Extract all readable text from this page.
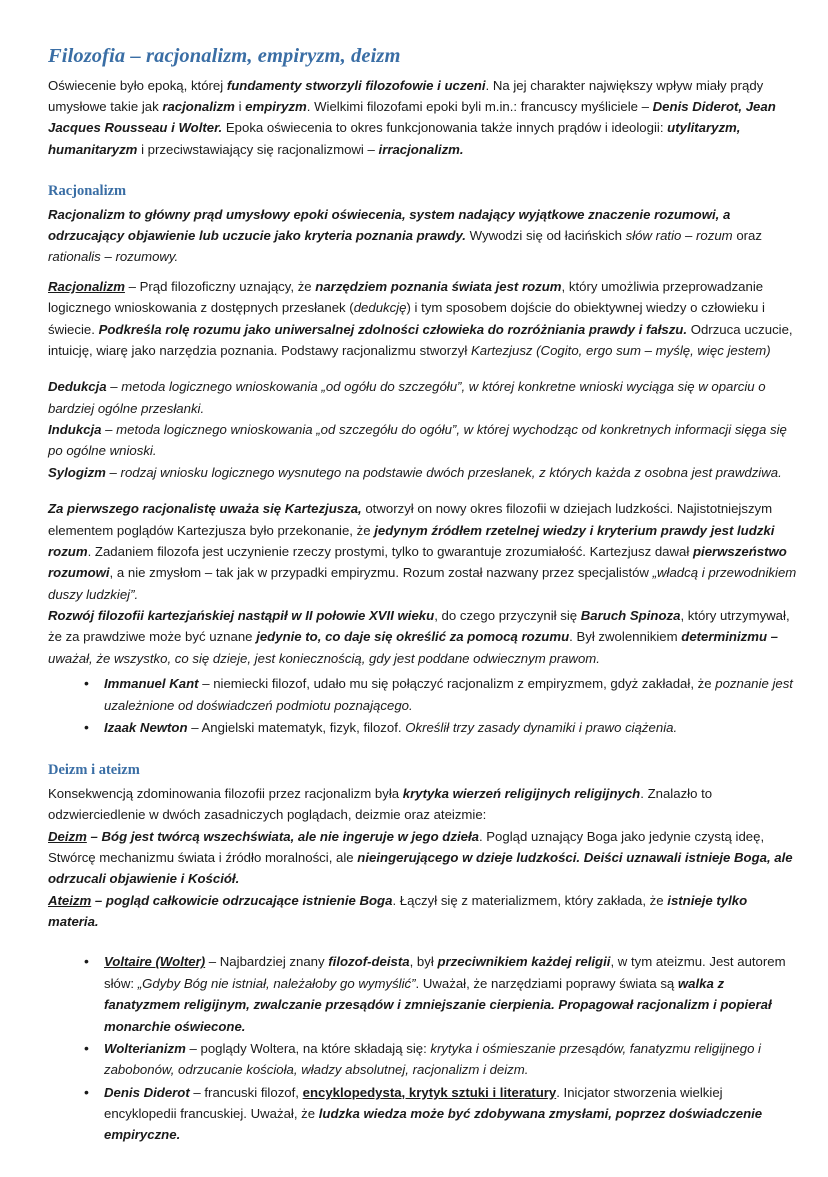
Filozofia – racjonalizm, empiryzm, deizm

Oświecenie było epoką, której fundamenty stworzyli filozofowie i uczeni. Na jej charakter największy wpływ miały prądy umysłowe takie jak racjonalizm i empiryzm. Wielkimi filozofami epoki byli m.in.: francuscy myśliciele – Denis Diderot, Jean Jacques Rousseau i Wolter. Epoka oświecenia to okres funkcjonowania także innych prądów i ideologii: utylitaryzm, humanitaryzm i przeciwstawiający się racjonalizmowi – irracjonalizm.

Racjonalizm

Racjonalizm to główny prąd umysłowy epoki oświecenia, system nadający wyjątkowe znaczenie rozumowi, a odrzucający objawienie lub uczucie jako kryteria poznania prawdy. Wywodzi się od łacińskich słów ratio – rozum oraz rationalis – rozumowy.

Racjonalizm – Prąd filozoficzny uznający, że narzędziem poznania świata jest rozum, który umożliwia przeprowadzanie logicznego wnioskowania z dostępnych przesłanek (dedukcję) i tym sposobem dojście do obiektywnej wiedzy o człowieku i świecie. Podkreśla rolę rozumu jako uniwersalnej zdolności człowieka do rozróżniania prawdy i fałszu. Odrzuca uczucie, intuicję, wiarę jako narzędzia poznania. Podstawy racjonalizmu stworzył Kartezjusz (Cogito, ergo sum – myślę, więc jestem)

Dedukcja – metoda logicznego wnioskowania „od ogółu do szczegółu”, w której konkretne wnioski wyciąga się w oparciu o bardziej ogólne przesłanki.

Indukcja – metoda logicznego wnioskowania „od szczegółu do ogółu”, w której wychodząc od konkretnych informacji sięga się po ogólne wnioski.

Sylogizm – rodzaj wniosku logicznego wysnutego na podstawie dwóch przesłanek, z których każda z osobna jest prawdziwa.

Za pierwszego racjonalistę uważa się Kartezjusza, otworzył on nowy okres filozofii w dziejach ludzkości. Najistotniejszym elementem poglądów Kartezjusza było przekonanie, że jedynym źródłem rzetelnej wiedzy i kryterium prawdy jest ludzki rozum. Zadaniem filozofa jest uczynienie rzeczy prostymi, tylko to gwarantuje zrozumiałość. Kartezjusz dawał pierwszeństwo rozumowi, a nie zmysłom – tak jak w przypadki empiryzmu. Rozum został nazwany przez specjalistów „władcą i przewodnikiem duszy ludzkiej”.

Rozwój filozofii kartezjańskiej nastąpił w II połowie XVII wieku, do czego przyczynił się Baruch Spinoza, który utrzymywał, że za prawdziwe może być uznane jedynie to, co daje się określić za pomocą rozumu. Był zwolennikiem determinizmu – uważał, że wszystko, co się dzieje, jest koniecznością, gdy jest poddane odwiecznym prawom.

• Immanuel Kant – niemiecki filozof, udało mu się połączyć racjonalizm z empiryzmem, gdyż zakładał, że poznanie jest uzależnione od doświadczeń podmiotu poznającego.
• Izaak Newton – Angielski matematyk, fizyk, filozof. Określił trzy zasady dynamiki i prawo ciążenia.
Deizm i ateizm

Konsekwencją zdominowania filozofii przez racjonalizm była krytyka wierzeń religijnych religijnych. Znalazło to odzwierciedlenie w dwóch zasadniczych poglądach, deizmie oraz ateizmie:

Deizm – Bóg jest twórcą wszechświata, ale nie ingeruje w jego dzieła. Pogląd uznający Boga jako jedynie czystą ideę, Stwórcę mechanizmu świata i źródło moralności, ale nieingerującego w dzieje ludzkości. Deiści uznawali istnieje Boga, ale odrzucali objawienie i Kościół.

Ateizm – pogląd całkowicie odrzucające istnienie Boga. Łączył się z materializmem, który zakłada, że istnieje tylko materia.

• Voltaire (Wolter) – Najbardziej znany filozof-deista, był przeciwnikiem każdej religii, w tym ateizmu. Jest autorem słów: „Gdyby Bóg nie istniał, należałoby go wymyślić”. Uważał, że narzędziami poprawy świata są walka z fanatyzmem religijnym, zwalczanie przesądów i zmniejszanie cierpienia. Propagował racjonalizm i popierał monarchie oświecone.
• Wolterianizm – poglądy Woltera, na które składają się: krytyka i ośmieszanie przesądów, fanatyzmu religijnego i zabobonów, odrzucanie kościoła, władzy absolutnej, racjonalizm i deizm.
• Denis Diderot – francuski filozof, encyklopedysta, krytyk sztuki i literatury. Inicjator stworzenia wielkiej encyklopedii francuskiej. Uważał, że ludzka wiedza może być zdobywana zmysłami, poprzez doświadczenie empiryczne.
